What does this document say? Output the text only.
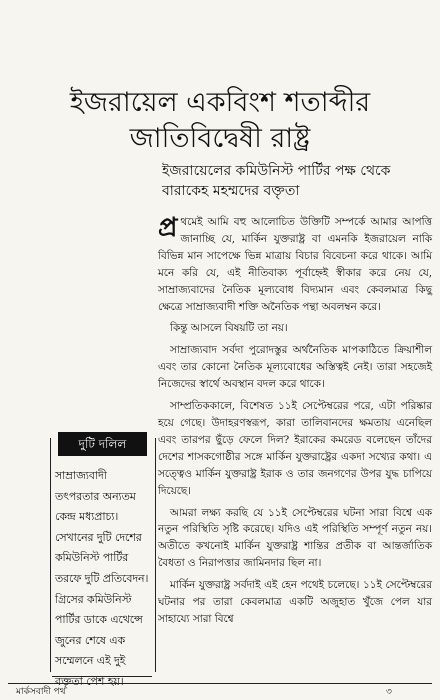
ইজরায়েল একবিংশ শতাব্দীর
জাতিবিদ্বেষী রাষ্ট্র
ইজরায়েলের কমিউনিস্ট পার্টির পক্ষ থেকে
বারাকেহ মহম্মদের বক্তৃতা

প্র থমেই আমি বহু আলোচিত উক্তিটি সম্পর্কে আমার আপত্তি জানাচ্ছি যে, মার্কিন যুক্তরাষ্ট্র বা এমনকি ইজরায়েল নাকি বিভিন্ন মান সাপেক্ষে ভিন্ন মাত্রায় বিচার বিবেচনা করে থাকে। আমি মনে করি যে, এই নীতিবাক্য পূর্বাহ্নেই স্বীকার করে নেয় যে, সাম্রাজ্যবাদের নৈতিক মূল্যবোধ বিদ্যমান এবং কেবলমাত্র কিছু ক্ষেত্রে সাম্রাজ্যবাদী শক্তি অনৈতিক পন্থা অবলম্বন করে।

কিন্তু আসলে বিষয়টি তা নয়।

সাম্রাজ্যবাদ সর্বদা পুরোদস্তুর অর্থনৈতিক মাপকাঠিতে ক্রিয়াশীল এবং তার কোনো নৈতিক মূল্যবোধের অস্তিত্বই নেই। তারা সহজেই নিজেদের স্বার্থে অবস্থান বদল করে থাকে।

সাম্প্রতিককালে, বিশেষত ১১ই সেপ্টেম্বরের পরে, এটা পরিষ্কার হয়ে গেছে। উদাহরণস্বরূপ, কারা তালিবানদের ক্ষমতায় এনেছিল এবং তারপর ছুঁড়ে ফেলে দিল? ইরাকের কমরেড বলেছেন তাঁদের দেশের শাসকগোষ্ঠীর সঙ্গে মার্কিন যুক্তরাষ্ট্রের একদা সখ্যের কথা। এ সত্ত্বেও মার্কিন যুক্তরাষ্ট্র ইরাক ও তার জনগণের উপর যুদ্ধ চাপিয়ে দিয়েছে।

আমরা লক্ষ্য করছি যে ১১ই সেপ্টেম্বরের ঘটনা সারা বিশ্বে এক নতুন পরিস্থিতি সৃষ্টি করেছে। যদিও এই পরিস্থিতি সম্পূর্ণ নতুন নয়। অতীতে কখনোই মার্কিন যুক্তরাষ্ট্র শান্তির প্রতীক বা আন্তর্জাতিক বৈধতা ও নিরাপত্তার জামিনদার ছিল না।

মার্কিন যুক্তরাষ্ট্র সর্বদাই এই হেন পথেই চলেছে। ১১ই সেপ্টেম্বরের ঘটনার পর তারা কেবলমাত্র একটি অজুহাত খুঁজে পেল যার সাহায্যে সারা বিশ্বে

দুটি দলিল
সাম্রাজ্যবাদী তৎপরতার অন্যতম কেন্দ্র মধ্যপ্রাচ্য। সেখানের দুটি দেশের কমিউনিস্ট পার্টির তরফে দুটি প্রতিবেদন। গ্রিসের কমিউনিস্ট পার্টির ডাকে এথেন্সে জুনের শেষে এক সম্মেলনে এই দুই বক্তৃতা পেশ হয়।
মার্কসবাদী পথ	৩
